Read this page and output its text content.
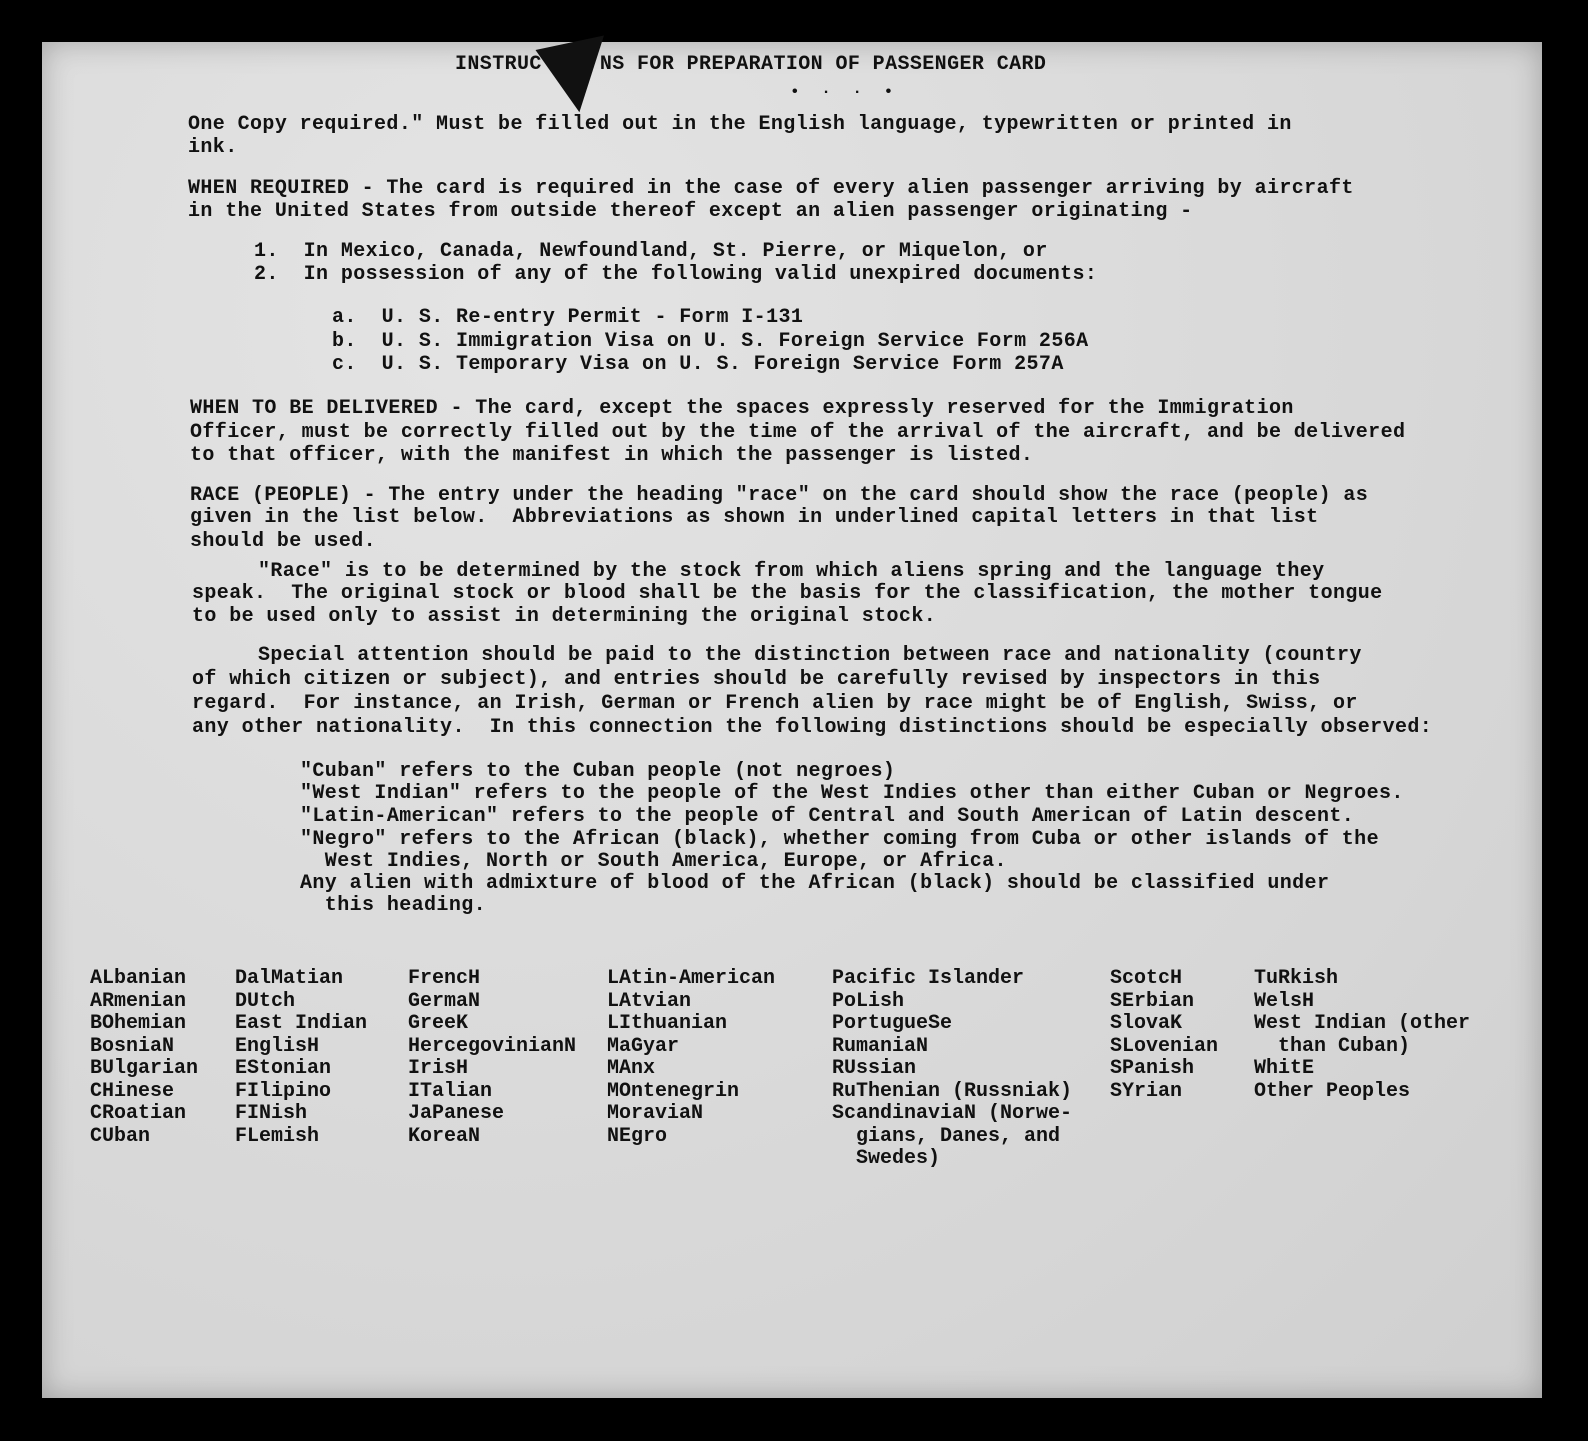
INSTRUC	NS FOR PREPARATION OF PASSENGER CARD
• · · •
One Copy required." Must be filled out in the English language, typewritten or printed in
ink.
WHEN REQUIRED - The card is required in the case of every alien passenger arriving by aircraft
in the United States from outside thereof except an alien passenger originating -
1.  In Mexico, Canada, Newfoundland, St. Pierre, or Miquelon, or
2.  In possession of any of the following valid unexpired documents:
a.  U. S. Re-entry Permit - Form I-131
b.  U. S. Immigration Visa on U. S. Foreign Service Form 256A
c.  U. S. Temporary Visa on U. S. Foreign Service Form 257A
WHEN TO BE DELIVERED - The card, except the spaces expressly reserved for the Immigration
Officer, must be correctly filled out by the time of the arrival of the aircraft, and be delivered
to that officer, with the manifest in which the passenger is listed.
RACE (PEOPLE) - The entry under the heading "race" on the card should show the race (people) as
given in the list below.  Abbreviations as shown in underlined capital letters in that list
should be used.
"Race" is to be determined by the stock from which aliens spring and the language they
speak.  The original stock or blood shall be the basis for the classification, the mother tongue
to be used only to assist in determining the original stock.
Special attention should be paid to the distinction between race and nationality (country
of which citizen or subject), and entries should be carefully revised by inspectors in this
regard.  For instance, an Irish, German or French alien by race might be of English, Swiss, or
any other nationality.  In this connection the following distinctions should be especially observed:
"Cuban" refers to the Cuban people (not negroes)
"West Indian" refers to the people of the West Indies other than either Cuban or Negroes.
"Latin-American" refers to the people of Central and South American of Latin descent.
"Negro" refers to the African (black), whether coming from Cuba or other islands of the
West Indies, North or South America, Europe, or Africa.
Any alien with admixture of blood of the African (black) should be classified under
this heading.
ALbanian
ARmenian
BOhemian
BosniaN
BUlgarian
CHinese
CRoatian
CUban
DalMatian
DUtch
East Indian
EnglisH
EStonian
FIlipino
FINish
FLemish
FrencH
GermaN
GreeK
HercegovinianN
IrisH
ITalian
JaPanese
KoreaN
LAtin-American
LAtvian
LIthuanian
MaGyar
MAnx
MOntenegrin
MoraviaN
NEgro
Pacific Islander
PoLish
PortugueSe
RumaniaN
RUssian
RuThenian (Russniak)
ScandinaviaN (Norwe-
gians, Danes, and
Swedes)
ScotcH
SErbian
SlovaK
SLovenian
SPanish
SYrian
TuRkish
WelsH
West Indian (other
than Cuban)
WhitE
Other Peoples
